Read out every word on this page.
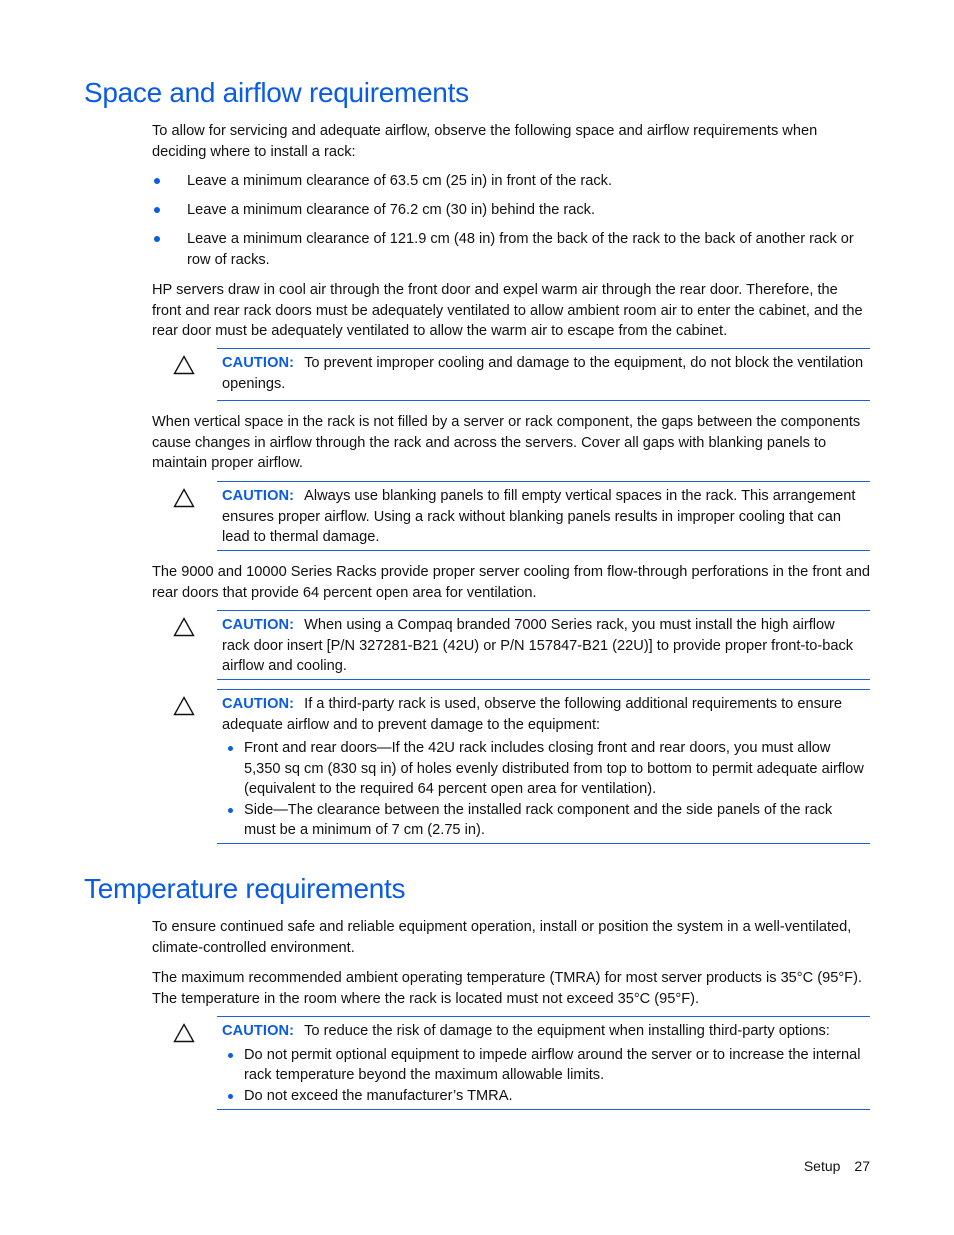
Space and airflow requirements

To allow for servicing and adequate airflow, observe the following space and airflow requirements when deciding where to install a rack:

Leave a minimum clearance of 63.5 cm (25 in) in front of the rack.
Leave a minimum clearance of 76.2 cm (30 in) behind the rack.
Leave a minimum clearance of 121.9 cm (48 in) from the back of the rack to the back of another rack or row of racks.

HP servers draw in cool air through the front door and expel warm air through the rear door. Therefore, the front and rear rack doors must be adequately ventilated to allow ambient room air to enter the cabinet, and the rear door must be adequately ventilated to allow the warm air to escape from the cabinet.

CAUTION: To prevent improper cooling and damage to the equipment, do not block the ventilation openings.

When vertical space in the rack is not filled by a server or rack component, the gaps between the components cause changes in airflow through the rack and across the servers. Cover all gaps with blanking panels to maintain proper airflow.

CAUTION: Always use blanking panels to fill empty vertical spaces in the rack. This arrangement ensures proper airflow. Using a rack without blanking panels results in improper cooling that can lead to thermal damage.

The 9000 and 10000 Series Racks provide proper server cooling from flow-through perforations in the front and rear doors that provide 64 percent open area for ventilation.

CAUTION: When using a Compaq branded 7000 Series rack, you must install the high airflow rack door insert [P/N 327281-B21 (42U) or P/N 157847-B21 (22U)] to provide proper front-to-back airflow and cooling.
CAUTION: If a third-party rack is used, observe the following additional requirements to ensure adequate airflow and to prevent damage to the equipment:
Front and rear doors—If the 42U rack includes closing front and rear doors, you must allow 5,350 sq cm (830 sq in) of holes evenly distributed from top to bottom to permit adequate airflow (equivalent to the required 64 percent open area for ventilation).
Side—The clearance between the installed rack component and the side panels of the rack must be a minimum of 7 cm (2.75 in).
Temperature requirements

To ensure continued safe and reliable equipment operation, install or position the system in a well-ventilated, climate-controlled environment.

The maximum recommended ambient operating temperature (TMRA) for most server products is 35°C (95°F). The temperature in the room where the rack is located must not exceed 35°C (95°F).

CAUTION: To reduce the risk of damage to the equipment when installing third-party options:
Do not permit optional equipment to impede airflow around the server or to increase the internal rack temperature beyond the maximum allowable limits.
Do not exceed the manufacturer’s TMRA.
Setup 27
